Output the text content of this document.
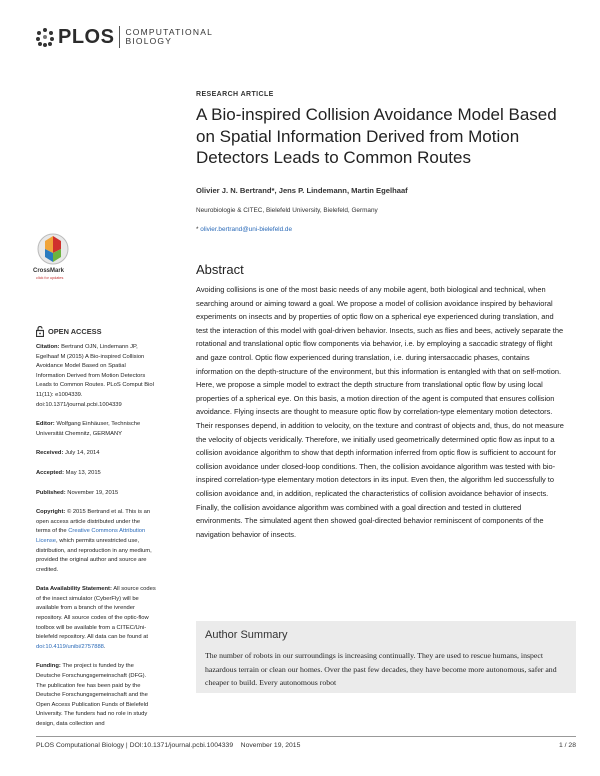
PLOS COMPUTATIONAL
BIOLOGY
RESEARCH ARTICLE
A Bio-inspired Collision Avoidance Model Based on Spatial Information Derived from Motion Detectors Leads to Common Routes
Olivier J. N. Bertrand*, Jens P. Lindemann, Martin Egelhaaf
Neurobiologie & CITEC, Bielefeld University, Bielefeld, Germany
* olivier.bertrand@uni-bielefeld.de
CrossMark
click for updates
Abstract

Avoiding collisions is one of the most basic needs of any mobile agent, both biological and technical, when searching around or aiming toward a goal. We propose a model of collision avoidance inspired by behavioral experiments on insects and by properties of optic flow on a spherical eye experienced during translation, and test the interaction of this model with goal-driven behavior. Insects, such as flies and bees, actively separate the rotational and translational optic flow components via behavior, i.e. by employing a saccadic strategy of flight and gaze control. Optic flow experienced during translation, i.e. during intersaccadic phases, contains information on the depth-structure of the environment, but this information is entangled with that on self-motion. Here, we propose a simple model to extract the depth structure from translational optic flow by using local properties of a spherical eye. On this basis, a motion direction of the agent is computed that ensures collision avoidance. Flying insects are thought to measure optic flow by correlation-type elementary motion detectors. Their responses depend, in addition to velocity, on the texture and contrast of objects and, thus, do not measure the velocity of objects veridically. Therefore, we initially used geometrically determined optic flow as input to a collision avoidance algorithm to show that depth information inferred from optic flow is sufficient to account for collision avoidance under closed-loop conditions. Then, the collision avoidance algorithm was tested with bio-inspired correlation-type elementary motion detectors in its input. Even then, the algorithm led successfully to collision avoidance and, in addition, replicated the characteristics of collision avoidance behavior of insects. Finally, the collision avoidance algorithm was combined with a goal direction and tested in cluttered environments. The simulated agent then showed goal-directed behavior reminiscent of components of the navigation behavior of insects.

OPEN ACCESS
Citation: Bertrand OJN, Lindemann JP, Egelhaaf M (2015) A Bio-inspired Collision Avoidance Model Based on Spatial Information Derived from Motion Detectors Leads to Common Routes. PLoS Comput Biol 11(11): e1004339. doi:10.1371/journal.pcbi.1004339
Editor: Wolfgang Einhäuser, Technische Universität Chemnitz, GERMANY
Received: July 14, 2014
Accepted: May 13, 2015
Published: November 19, 2015
Copyright: © 2015 Bertrand et al. This is an open access article distributed under the terms of the Creative Commons Attribution License, which permits unrestricted use, distribution, and reproduction in any medium, provided the original author and source are credited.
Data Availability Statement: All source codes of the insect simulator (CyberFly) will be available from a branch of the ivrender repository. All source codes of the optic-flow toolbox will be available from a CITEC/Uni-bielefeld repository. All data can be found at doi:10.4119/unibi/2757888.
Funding: The project is funded by the Deutsche Forschungsgemeinschaft (DFG). The publication fee has been paid by the Deutsche Forschungsgemeinschaft and the Open Access Publication Funds of Bielefeld University. The funders had no role in study design, data collection and
Author Summary

The number of robots in our surroundings is increasing continually. They are used to rescue humans, inspect hazardous terrain or clean our homes. Over the past few decades, they have become more autonomous, safer and cheaper to build. Every autonomous robot

PLOS Computational Biology | DOI:10.1371/journal.pcbi.1004339    November 19, 2015	1 / 28
